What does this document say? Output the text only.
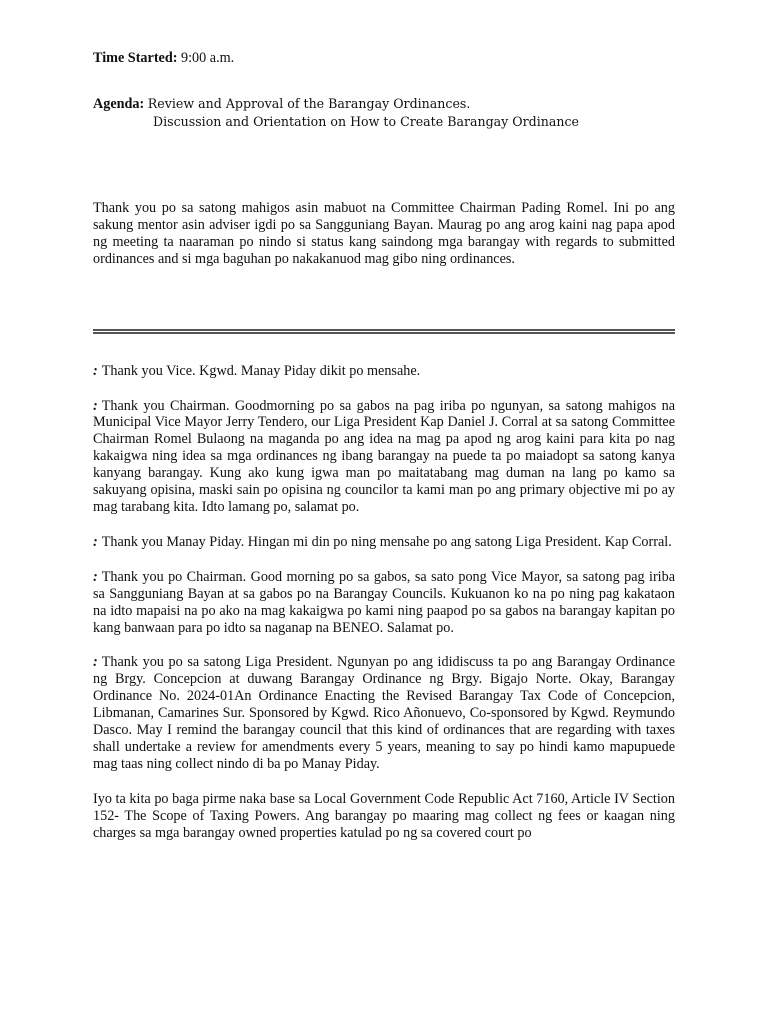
Time Started: 9:00 a.m.
Agenda: Review and Approval of the Barangay Ordinances.
Discussion and Orientation on How to Create Barangay Ordinance

Thank you po sa satong mahigos asin mabuot na Committee Chairman Pading Romel. Ini po ang sakung mentor asin adviser igdi po sa Sangguniang Bayan. Maurag po ang arog kaini nag papa apod ng meeting ta naaraman po nindo si status kang saindong mga barangay with regards to submitted ordinances and si mga baguhan po nakakanuod mag gibo ning ordinances.

: Thank you Vice. Kgwd. Manay Piday dikit po mensahe.

: Thank you Chairman. Goodmorning po sa gabos na pag iriba po ngunyan, sa satong mahigos na Municipal Vice Mayor Jerry Tendero, our Liga President Kap Daniel J. Corral at sa satong Committee Chairman Romel Bulaong na maganda po ang idea na mag pa apod ng arog kaini para kita po nag kakaigwa ning idea sa mga ordinances ng ibang barangay na puede ta po maiadopt sa satong kanya kanyang barangay. Kung ako kung igwa man po maitatabang mag duman na lang po kamo sa sakuyang opisina, maski sain po opisina ng councilor ta kami man po ang primary objective mi po ay mag tarabang kita. Idto lamang po, salamat po.

: Thank you Manay Piday. Hingan mi din po ning mensahe po ang satong Liga President. Kap Corral.

: Thank you po Chairman. Good morning po sa gabos, sa sato pong Vice Mayor, sa satong pag iriba sa Sangguniang Bayan at sa gabos po na Barangay Councils. Kukuanon ko na po ning pag kakataon na idto mapaisi na po ako na mag kakaigwa po kami ning paapod po sa gabos na barangay kapitan po kang banwaan para po idto sa naganap na BENEO. Salamat po.

: Thank you po sa satong Liga President. Ngunyan po ang ididiscuss ta po ang Barangay Ordinance ng Brgy. Concepcion at duwang Barangay Ordinance ng Brgy. Bigajo Norte. Okay, Barangay Ordinance No. 2024-01An Ordinance Enacting the Revised Barangay Tax Code of Concepcion, Libmanan, Camarines Sur. Sponsored by Kgwd. Rico Añonuevo, Co-sponsored by Kgwd. Reymundo Dasco. May I remind the barangay council that this kind of ordinances that are regarding with taxes shall undertake a review for amendments every 5 years, meaning to say po hindi kamo mapupuede mag taas ning collect nindo di ba po Manay Piday.

Iyo ta kita po baga pirme naka base sa Local Government Code Republic Act 7160, Article IV Section 152- The Scope of Taxing Powers. Ang barangay po maaring mag collect ng fees or kaagan ning charges sa mga barangay owned properties katulad po ng sa covered court po
